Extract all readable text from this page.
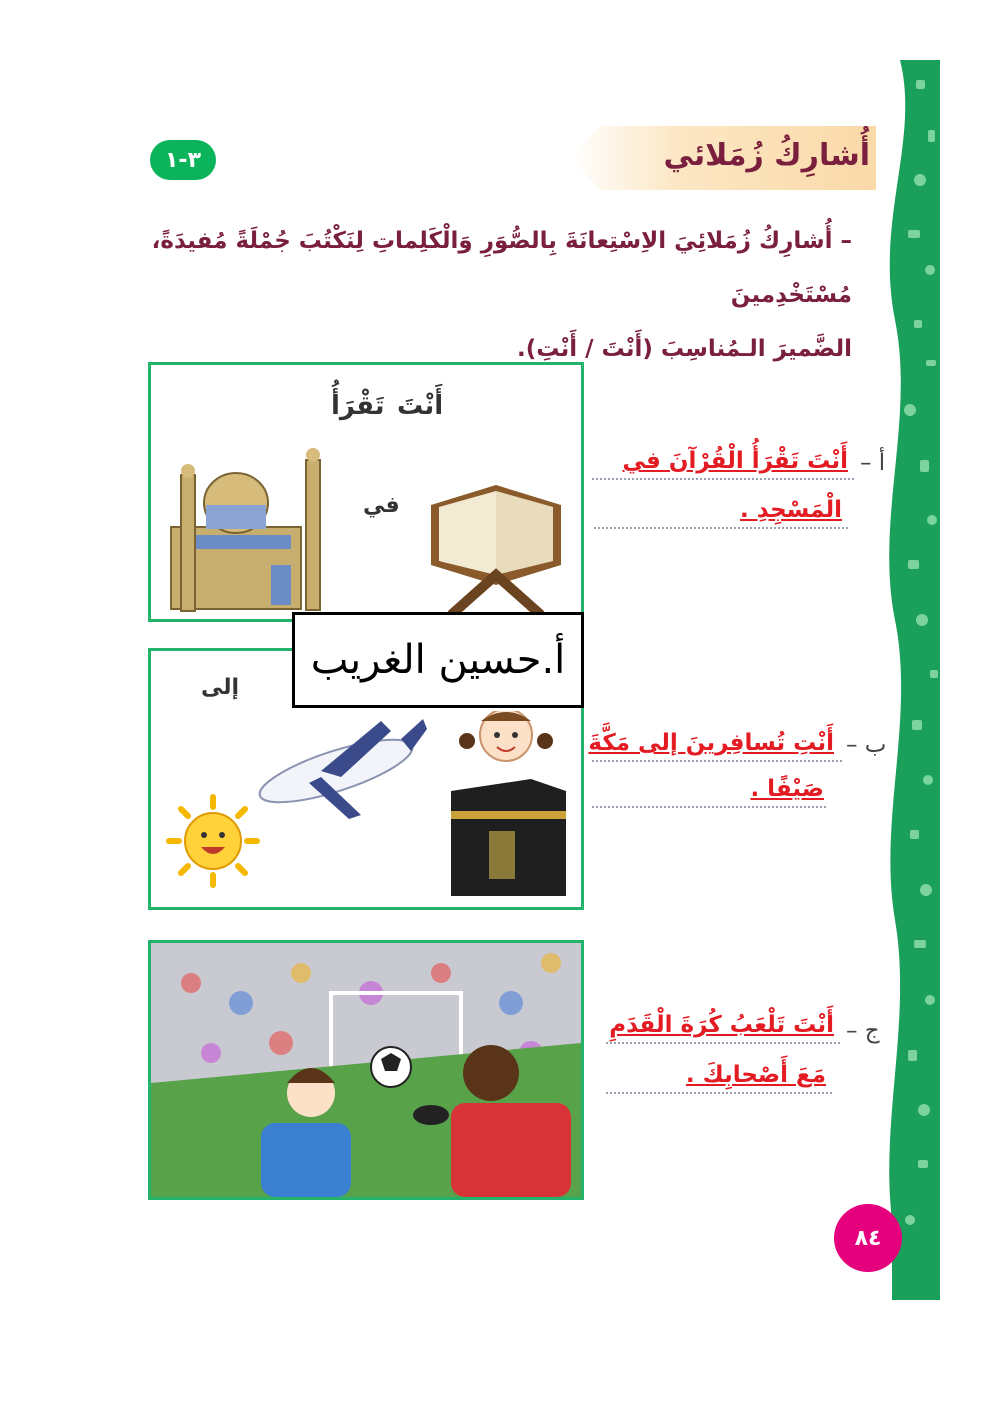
أُشارِكُ زُمَلائي
٣-١
– أُشارِكُ زُمَلائِيَ الاِسْتِعانَةَ بِالصُّوَرِ وَالْكَلِماتِ لِنَكْتُبَ جُمْلَةً مُفيدَةً، مُسْتَخْدِمينَ
الضَّميرَ الـمُناسِبَ (أَنْتَ / أَنْتِ).
تَقْرَأُ أَنْتَ
في
إلى
أ –
أَنْتَ تَقْرَأُ الْقُرْآنَ في
الْمَسْجِدِ .
ب –
أَنْتِ تُسافِرينَ إلى مَكَّةَ
صَيْفًا .
ج –
أَنْتَ تَلْعَبُ كُرَةَ الْقَدَمِ
مَعَ أَصْحابِكَ .
أ.حسين الغريب
٨٤
